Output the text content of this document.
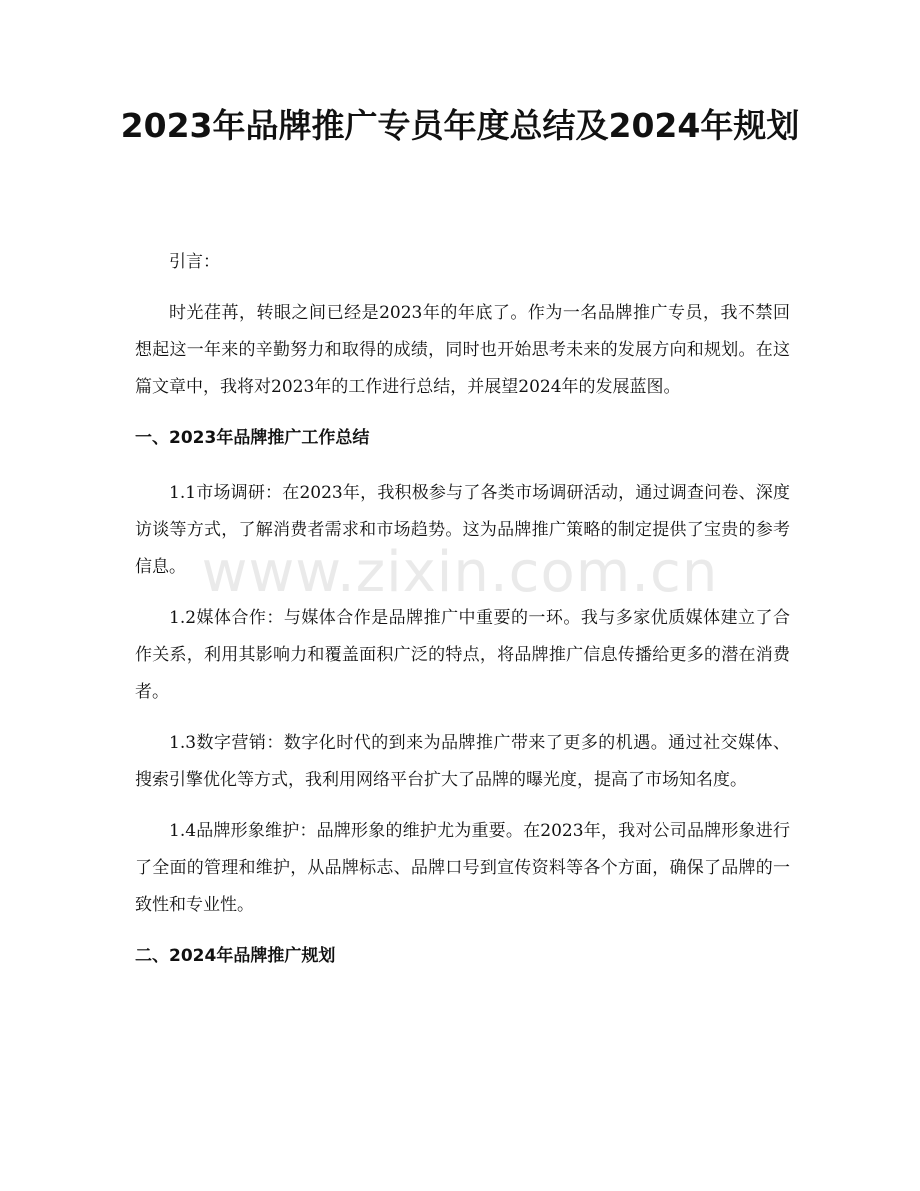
2023年品牌推广专员年度总结及2024年规划

引言：

时光荏苒，转眼之间已经是2023年的年底了。作为一名品牌推广专员，我不禁回想起这一年来的辛勤努力和取得的成绩，同时也开始思考未来的发展方向和规划。在这篇文章中，我将对2023年的工作进行总结，并展望2024年的发展蓝图。

一、2023年品牌推广工作总结

1.1市场调研：在2023年，我积极参与了各类市场调研活动，通过调查问卷、深度访谈等方式，了解消费者需求和市场趋势。这为品牌推广策略的制定提供了宝贵的参考信息。

1.2媒体合作：与媒体合作是品牌推广中重要的一环。我与多家优质媒体建立了合作关系，利用其影响力和覆盖面积广泛的特点，将品牌推广信息传播给更多的潜在消费者。

1.3数字营销：数字化时代的到来为品牌推广带来了更多的机遇。通过社交媒体、搜索引擎优化等方式，我利用网络平台扩大了品牌的曝光度，提高了市场知名度。

1.4品牌形象维护：品牌形象的维护尤为重要。在2023年，我对公司品牌形象进行了全面的管理和维护，从品牌标志、品牌口号到宣传资料等各个方面，确保了品牌的一致性和专业性。

二、2024年品牌推广规划
www.zixin.com.cn
